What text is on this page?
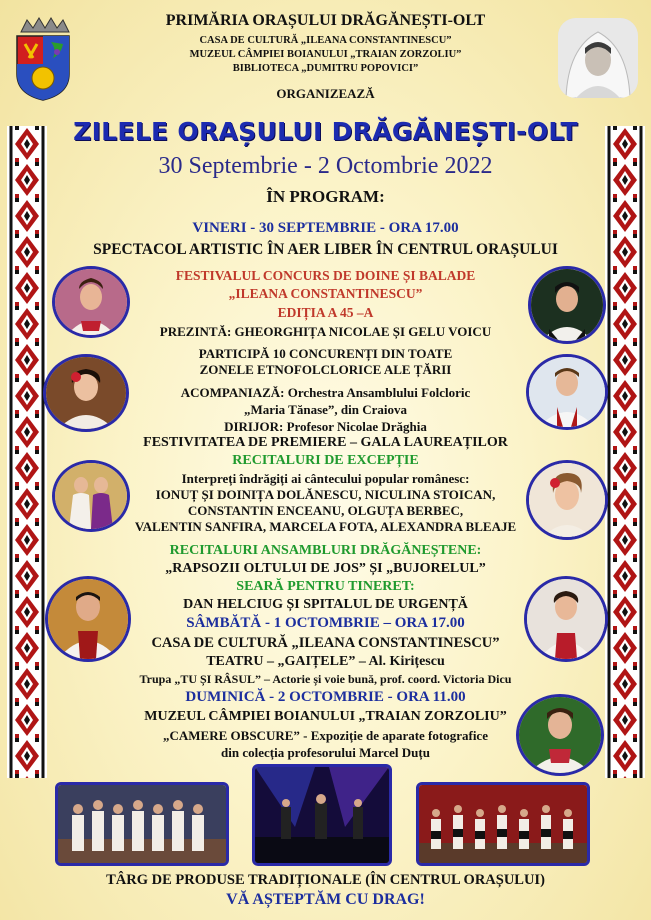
PRIMĂRIA ORAȘULUI DRĂGĂNEȘTI-OLT
CASA DE CULTURĂ „ILEANA CONSTANTINESCU”
MUZEUL CÂMPIEI BOIANULUI „TRAIAN ZORZOLIU”
BIBLIOTECA „DUMITRU POPOVICI”
ORGANIZEAZĂ
ZILELE ORAȘULUI DRĂGĂNEȘTI-OLT
30 Septembrie - 2 Octombrie 2022
ÎN PROGRAM:
VINERI - 30 SEPTEMBRIE - ORA 17.00
SPECTACOL ARTISTIC ÎN AER LIBER ÎN CENTRUL ORAȘULUI
FESTIVALUL CONCURS DE DOINE ȘI BALADE
„ILEANA CONSTANTINESCU”
EDIȚIA A 45 –A
PREZINTĂ: GHEORGHIȚA NICOLAE ȘI GELU VOICU
PARTICIPĂ 10 CONCURENȚI DIN TOATE
ZONELE ETNOFOLCLORICE ALE ȚĂRII
ACOMPANIAZĂ: Orchestra Ansamblului Folcloric
„Maria Tănase”, din Craiova
DIRIJOR: Profesor Nicolae Drăghia
FESTIVITATEA DE PREMIERE – GALA LAUREAȚILOR
RECITALURI DE EXCEPȚIE
Interpreți îndrăgiți ai cântecului popular românesc:
IONUȚ ȘI DOINIȚA DOLĂNESCU, NICULINA STOICAN,
CONSTANTIN ENCEANU, OLGUȚA BERBEC,
VALENTIN SANFIRA, MARCELA FOTA, ALEXANDRA BLEAJE
RECITALURI ANSAMBLURI DRĂGĂNEȘTENE:
„RAPSOZII OLTULUI DE JOS” ȘI „BUJORELUL”
SEARĂ PENTRU TINERET:
DAN HELCIUG ȘI SPITALUL DE URGENȚĂ
SÂMBĂTĂ - 1 OCTOMBRIE – ORA 17.00
CASA DE CULTURĂ „ILEANA CONSTANTINESCU”
TEATRU – „GAIȚELE” – Al. Kirițescu
Trupa „TU ȘI RÂSUL” – Actorie și voie bună, prof. coord. Victoria Dicu
DUMINICĂ - 2 OCTOMBRIE - ORA 11.00
MUZEUL CÂMPIEI BOIANULUI „TRAIAN ZORZOLIU”
„CAMERE OBSCURE” - Expoziție de aparate fotografice
din colecția profesorului Marcel Duțu
TÂRG DE PRODUSE TRADIȚIONALE (ÎN CENTRUL ORAȘULUI)
VĂ AȘTEPTĂM CU DRAG!
